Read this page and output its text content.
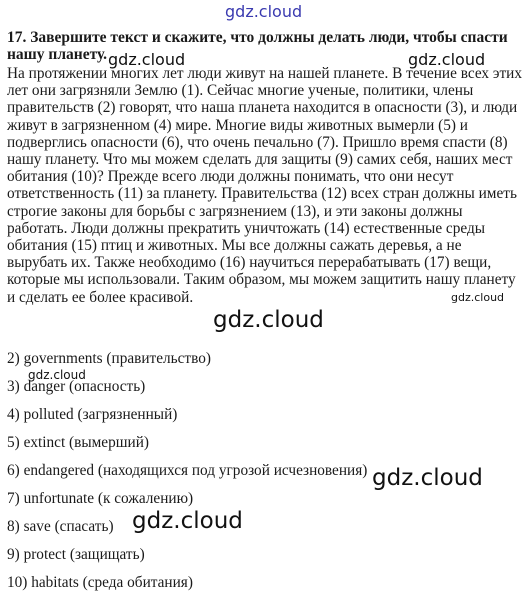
gdz.cloud

17. Завершите текст и скажите, что должны делать люди, чтобы спасти нашу планету.

На протяжении многих лет люди живут на нашей планете. В течение всех этих лет они загрязняли Землю (1). Сейчас многие ученые, политики, члены правительств (2) говорят, что наша планета находится в опасности (3), и люди живут в загрязненном (4) мире. Многие виды животных вымерли (5) и подверглись опасности (6), что очень печально (7). Пришло время спасти (8) нашу планету. Что мы можем сделать для защиты (9) самих себя, наших мест обитания (10)? Прежде всего люди должны понимать, что они несут ответственность (11) за планету. Правительства (12) всех стран должны иметь строгие законы для борьбы с загрязнением (13), и эти законы должны работать. Люди должны прекратить уничтожать (14) естественные среды обитания (15) птиц и животных. Мы все должны сажать деревья, а не вырубать их. Также необходимо (16) научиться перерабатывать (17) вещи, которые мы использовали. Таким образом, мы можем защитить нашу планету и сделать ее более красивой.

2) governments (правительство)
3) danger (опасность)
4) polluted (загрязненный)
5) extinct (вымерший)
6) endangered (находящихся под угрозой исчезновения)
7) unfortunate (к сожалению)
8) save (спасать)
9) protect (защищать)
10) habitats (среда обитания)
gdz.cloud	gdz.cloud
gdz.cloud
gdz.cloud
gdz.cloud
gdz.cloud
gdz.cloud
